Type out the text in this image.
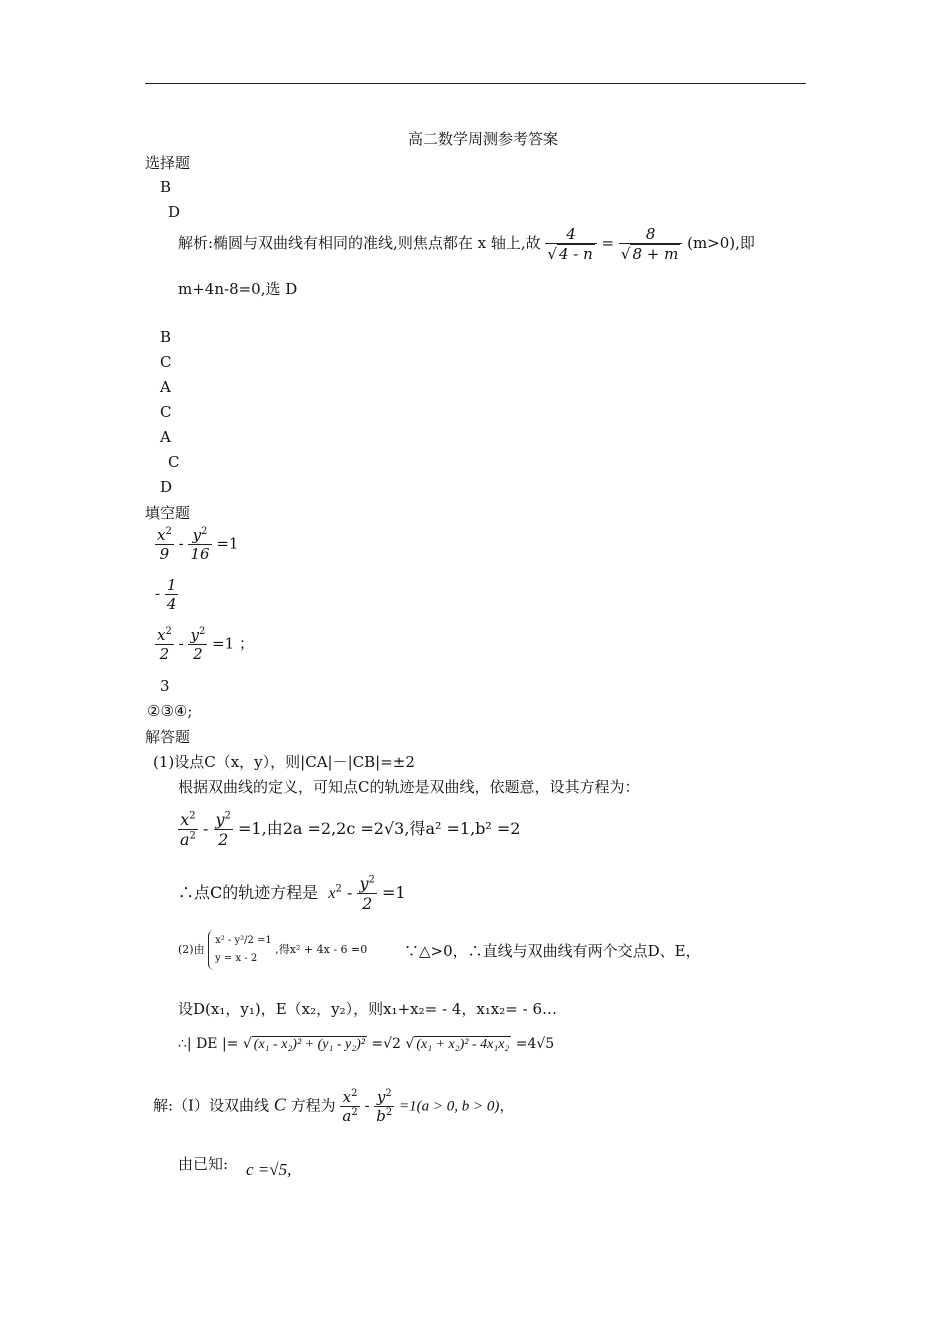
高二数学周测参考答案
选择题
B
D
解析:椭圆与双曲线有相同的准线,则焦点都在 x 轴上,故 $\frac{4}{√ 4 - n} = \frac{8}{√ 8 + m} (m>0)$,即
m+4n-8=0,选 D
B
C
A
C
A
C
D
填空题
$\frac{x^2}{9} - \frac{y^2}{16} =1$
- $\frac{1}{4}$
$\frac{x^2}{2} - \frac{y^2}{2} =1$ ；
3
②③④;
解答题
(1)设点C（x，y），则|CA|－|CB|=±2
根据双曲线的定义，可知点C的轨迹是双曲线，依题意，设其方程为：
$\frac{x^2}{a^2} - \frac{y^2}{2} =1$,由2a =2,2c =2√3,得a² =1,b² =2
∴点C的轨迹方程是 $x^2 - \frac{y^2}{2} =1$
(2)由 x² - y²/2 =1
y = x - 2 ,得x² + 4x - 6 =0 ∵△>0，∴直线与双曲线有两个交点D、E，
设D(x₁，y₁)，E（x₂，y₂），则x₁+x₂= - 4，x₁x₂= - 6…
∴| DE |= √ (x₁ - x₂)² + (y₁ - y₂)² =√2 √ (x₁ + x₂)² - 4x₁x₂ =4√5
解:（Ⅰ）设双曲线 C 方程为 $\frac{x^2}{a^2} - \frac{y^2}{b^2} =1(a > 0$, b > 0)，
由已知: c =√5,
